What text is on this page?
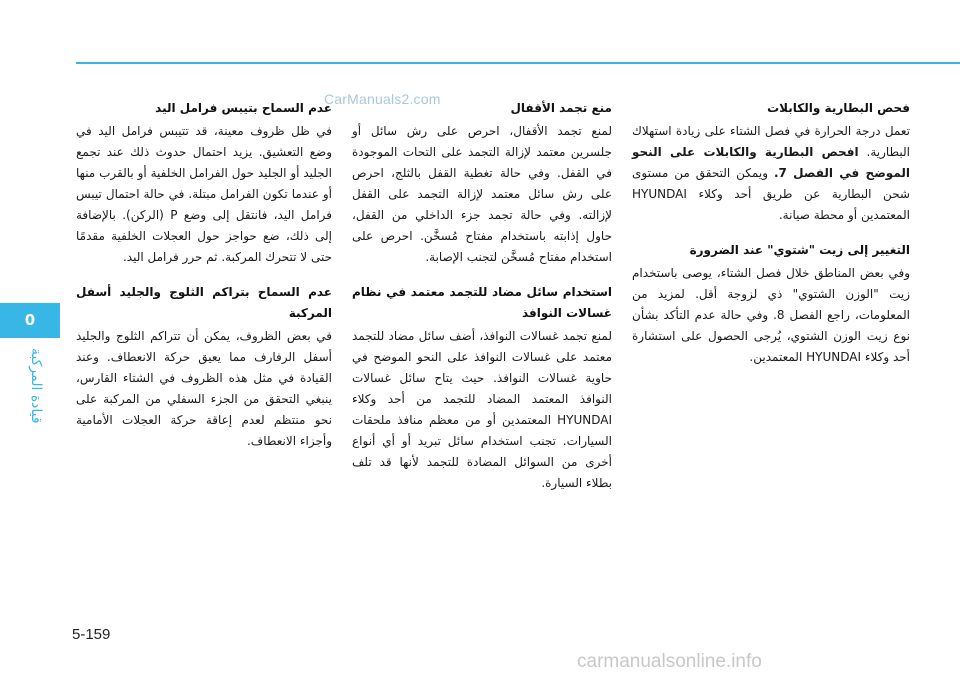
0
قيادة المركبة
CarManuals2.com
فحص البطارية والكابلات

تعمل درجة الحرارة في فصل الشتاء على زيادة استهلاك البطارية. افحص البطارية والكابلات على النحو الموضح في الفصل 7. ويمكن التحقق من مستوى شحن البطارية عن طريق أحد وكلاء HYUNDAI المعتمدين أو محطة صيانة.

التغيير إلى زيت "شتوي" عند الضرورة

وفي بعض المناطق خلال فصل الشتاء، يوصى باستخدام زيت "الوزن الشتوي" ذي لزوجة أقل. لمزيد من المعلومات، راجع الفصل 8. وفي حالة عدم التأكد بشأن نوع زيت الوزن الشتوي، يُرجى الحصول على استشارة أحد وكلاء HYUNDAI المعتمدين.

منع تجمد الأقفال

لمنع تجمد الأقفال، احرص على رش سائل أو جلسرين معتمد لإزالة التجمد على التحات الموجودة في القفل. وفي حالة تغطية القفل بالثلج، احرص على رش سائل معتمد لإزالة التجمد على القفل لإزالته. وفي حالة تجمد جزء الداخلي من القفل، حاول إذابته باستخدام مفتاح مُسخَّن. احرص على استخدام مفتاح مُسخَّن لتجنب الإصابة.

استخدام سائل مضاد للتجمد معتمد في نظام غسالات النوافذ

لمنع تجمد غسالات النوافذ، أضف سائل مضاد للتجمد معتمد على غسالات النوافذ على النحو الموضح في حاوية غسالات النوافذ. حيث يتاح سائل غسالات النوافذ المعتمد المضاد للتجمد من أحد وكلاء HYUNDAI المعتمدين أو من معظم منافذ ملحقات السيارات. تجنب استخدام سائل تبريد أو أي أنواع أخرى من السوائل المضادة للتجمد لأنها قد تلف بطلاء السيارة.

عدم السماح بتيبس فرامل اليد

في ظل ظروف معينة، قد تتيبس فرامل اليد في وضع التعشيق. يزيد احتمال حدوث ذلك عند تجمع الجليد أو الجليد حول الفرامل الخلفية أو بالقرب منها أو عندما تكون الفرامل مبتلة. في حالة احتمال تيبس فرامل اليد، فانتقل إلى وضع P (الركن). بالإضافة إلى ذلك، ضع حواجز حول العجلات الخلفية مقدمًا حتى لا تتحرك المركبة. ثم حرر فرامل اليد.

عدم السماح بتراكم الثلوج والجليد أسفل المركبة

في بعض الظروف، يمكن أن تتراكم الثلوج والجليد أسفل الرفارف مما يعيق حركة الانعطاف. وعند القيادة في مثل هذه الظروف في الشتاء القارس، ينبغي التحقق من الجزء السفلي من المركبة على نحو منتظم لعدم إعاقة حركة العجلات الأمامية وأجزاء الانعطاف.

5-159
carmanualsonline.info
